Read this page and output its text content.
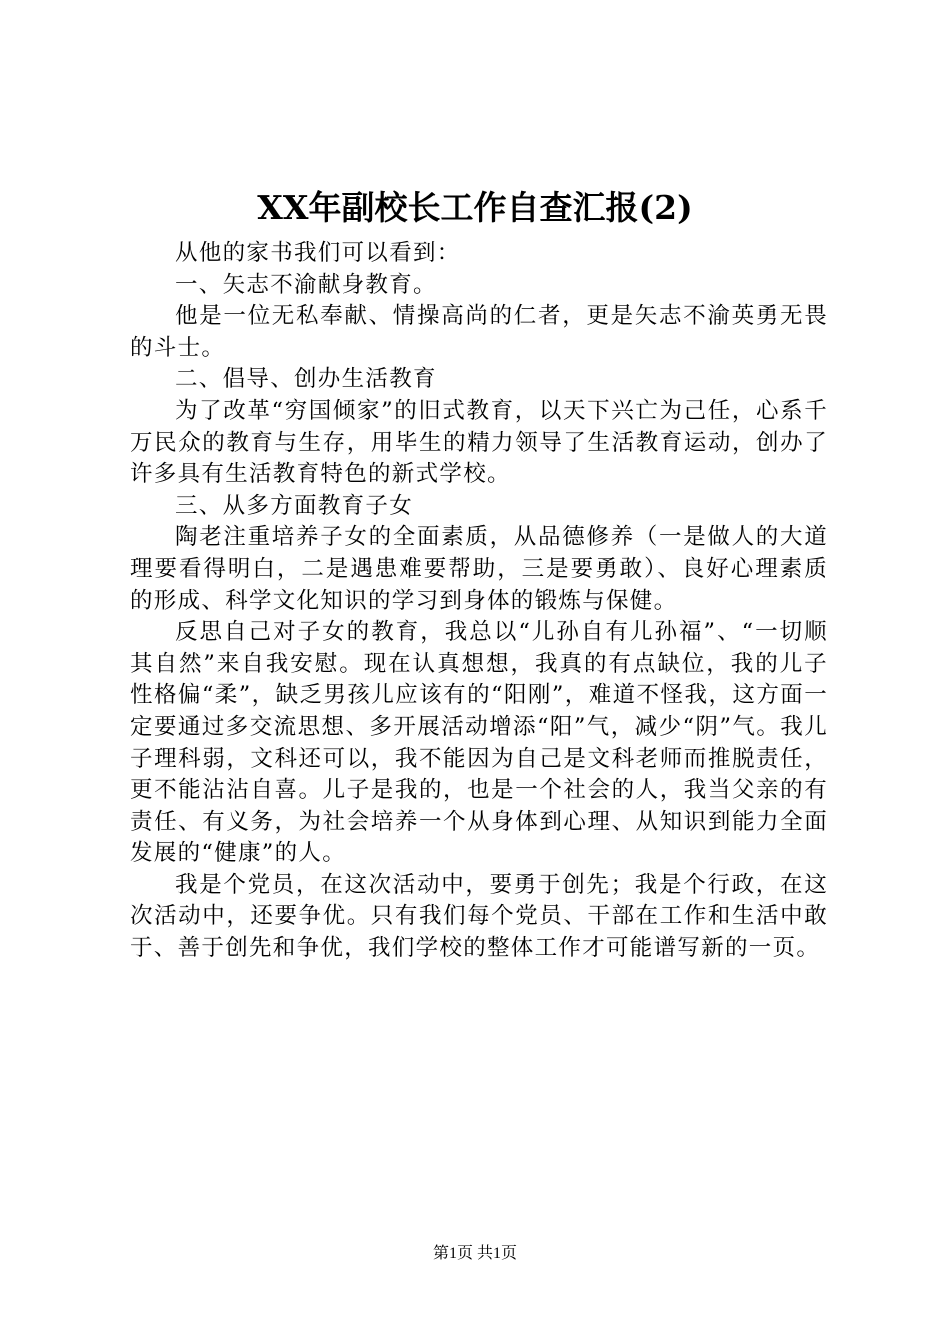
XX年副校长工作自查汇报(2)

从他的家书我们可以看到：

一、矢志不渝献身教育。

他是一位无私奉献、情操高尚的仁者，更是矢志不渝英勇无畏的斗士。

二、倡导、创办生活教育

为了改革“穷国倾家”的旧式教育，以天下兴亡为己任，心系千万民众的教育与生存，用毕生的精力领导了生活教育运动，创办了许多具有生活教育特色的新式学校。

三、从多方面教育子女

陶老注重培养子女的全面素质，从品德修养（一是做人的大道理要看得明白，二是遇患难要帮助，三是要勇敢）、良好心理素质的形成、科学文化知识的学习到身体的锻炼与保健。

反思自己对子女的教育，我总以“儿孙自有儿孙福”、“一切顺其自然”来自我安慰。现在认真想想，我真的有点缺位，我的儿子性格偏“柔”，缺乏男孩儿应该有的“阳刚”，难道不怪我，这方面一定要通过多交流思想、多开展活动增添“阳”气，减少“阴”气。我儿子理科弱，文科还可以，我不能因为自己是文科老师而推脱责任，更不能沾沾自喜。儿子是我的，也是一个社会的人，我当父亲的有责任、有义务，为社会培养一个从身体到心理、从知识到能力全面发展的“健康”的人。

我是个党员，在这次活动中，要勇于创先；我是个行政，在这次活动中，还要争优。只有我们每个党员、干部在工作和生活中敢于、善于创先和争优，我们学校的整体工作才可能谱写新的一页。

第1页 共1页
